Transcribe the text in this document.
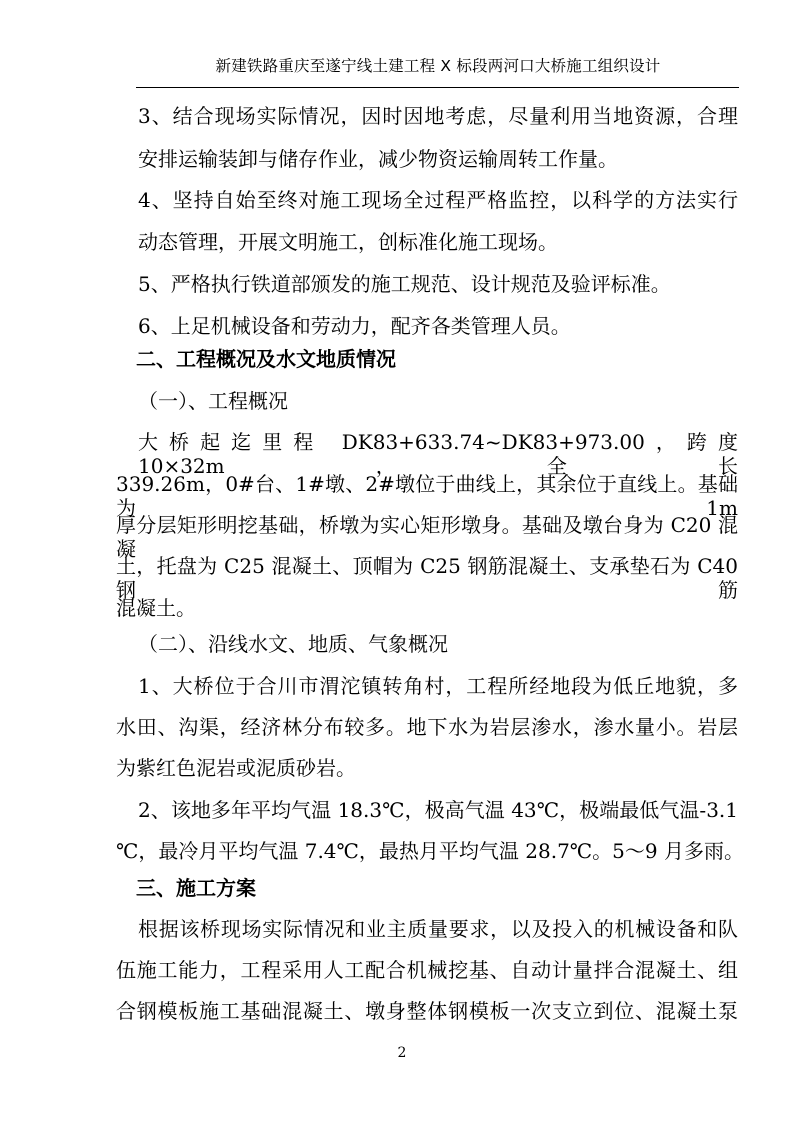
新建铁路重庆至遂宁线土建工程 X 标段两河口大桥施工组织设计
3、结合现场实际情况，因时因地考虑，尽量利用当地资源，合理
安排运输装卸与储存作业，减少物资运输周转工作量。
4、坚持自始至终对施工现场全过程严格监控，以科学的方法实行
动态管理，开展文明施工，创标准化施工现场。
5、严格执行铁道部颁发的施工规范、设计规范及验评标准。
6、上足机械设备和劳动力，配齐各类管理人员。
二、工程概况及水文地质情况
（一）、工程概况
大桥起迄里程 DK83+633.74~DK83+973.00，跨度 10×32m，全长
339.26m，0#台、1#墩、2#墩位于曲线上，其余位于直线上。基础为 1m
厚分层矩形明挖基础，桥墩为实心矩形墩身。基础及墩台身为 C20 混凝
土，托盘为 C25 混凝土、顶帽为 C25 钢筋混凝土、支承垫石为 C40 钢筋
混凝土。
（二）、沿线水文、地质、气象概况
1、大桥位于合川市渭沱镇转角村，工程所经地段为低丘地貌，多
水田、沟渠，经济林分布较多。地下水为岩层渗水，渗水量小。岩层
为紫红色泥岩或泥质砂岩。
2、该地多年平均气温 18.3℃，极高气温 43℃，极端最低气温-3.1
℃，最冷月平均气温 7.4℃，最热月平均气温 28.7℃。5～9 月多雨。
三、施工方案
根据该桥现场实际情况和业主质量要求，以及投入的机械设备和队
伍施工能力，工程采用人工配合机械挖基、自动计量拌合混凝土、组
合钢模板施工基础混凝土、墩身整体钢模板一次支立到位、混凝土泵
2
